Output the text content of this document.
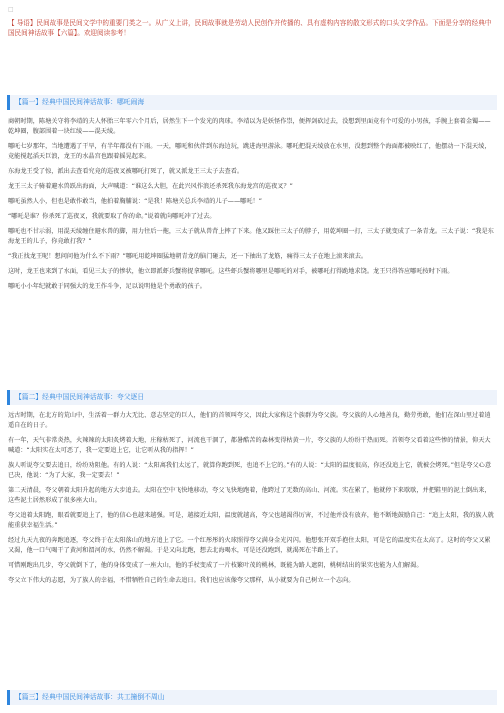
□
【 导语】民间故事是民间文学中的重要门类之一。从广义上讲，民间故事就是劳动人民创作并传播的、具有虚构内容的散文形式的口头文学作品。下面是分享的经典中国民间神话故事【六篇】。欢迎阅读参考！
【篇一】经典中国民间神话故事：哪吒闹海

商朝时期，陈塘关守将李靖的夫人怀胎三年零六个月后，居然生下一个发光的肉球。李靖以为是妖怪作祟，便挥剑砍过去，没想到里面竟有个可爱的小男孩，手腕上套着金镯——乾坤圈，腹部围着一块红绫——混天绫。

哪吒七岁那年，当地遭遇了干旱，有半年都没有下雨。一天，哪吒和伙伴到东海边玩，跳进海里游泳。哪吒把混天绫放在水里，没想到整个海面都被映红了，他摆动一下混天绫，竟能搅起滔天巨浪，龙王的水晶宫也跟着摇晃起来。

东海龙王受了惊，派出去查看究竟的巡夜叉被哪吒打死了，就又派龙王三太子去查看。

龙王三太子骑着避水兽跃出海面，大声喊道：“谁这么大胆，在此兴风作浪还杀死我东海龙宫的巡夜叉？”

哪吒虽然人小，但也是敢作敢当，他拍着胸脯说：“是我！陈塘关总兵李靖的儿子——哪吒！”

“哪吒是谁？你杀死了巡夜叉，我就要取了你的命。”说着就向哪吒冲了过去。

哪吒也不甘示弱，用混天绫缠住避水兽的脚，用力往后一拖，三太子就从兽背上摔了下来。他又踩住三太子的脖子，用乾坤圈一打，三太子就变成了一条青龙。三太子说：“我是东海龙王的儿子，你竟敢打我？”

“我正找龙王呢！想问问他为什么不下雨？”哪吒用乾坤圈猛地朝青龙的脑门砸去，还一下抽出了龙筋，痛得三太子在地上滚来滚去。

这时，龙王也来到了水面，看见三太子的惨状，他立即派虾兵蟹将捉拿哪吒。这些虾兵蟹将哪里是哪吒的对手，被哪吒打得跪地求饶。龙王只得答应哪吒按时下雨。

哪吒小小年纪就敢于同强大的龙王作斗争，足以说明他是个勇敢的孩子。

【篇二】经典中国民间神话故事：夸父逐日

远古时期，在北方的荒山中，生活着一群力大无比、意志坚定的巨人，他们的首领叫夸父，因此大家称这个族群为夸父族。夸父族的人心地善良，勤劳勇敢，他们在深山里过着逍遥自在的日子。

有一年，天气非常炎热，火辣辣的太阳炙烤着大地，庄稼枯死了，河流也干涸了，都暑酷苦的森林变得枯黄一片，夸父族的人纷纷干热而死。首领夸父看着这些惨的情景，仰天大喊道：“太阳实在太可恶了，我一定要追上它，让它听从我的指挥！”

族人听说夸父要去追日，纷纷劝阻他。有的人说：“太阳离我们太远了，就算你跑到死，也追不上它的。”有的人说：“太阳的温度很高，你还没追上它，就被会烤死。”但是夸父心意已决，他说：“为了大家，我一定要去！”

第二天清晨，夸父朝着太阳升起的地方大步追去。太阳在空中飞快地移动，夸父飞快地跑着，他跨过了无数的高山、河流。实在累了，他就停下来歇歇，并把鞋里的泥土倒出来，这些泥土居然形成了很多座大山。

夸父追着太阳跑，眼看就要追上了，他的信心也越来越强。可是，越接近太阳，温度就越高，夸父也越渴得厉害，不过他并没有放弃，他不断地鼓励自己：“追上太阳，我的族人就能重获幸福生活。”

经过九天九夜的奔跑追逐，夸父终于在太阳落山的地方追上了它。一个红彤彤的火球照得夸父满身金光闪闪。他想张开双手抱住太阳，可是它的温度实在太高了。这时的夸父又累又渴，他一口气喝干了黄河和渭河的水，仍然不解渴。于是又向北跑，想去北海喝水，可是还没跑到，就渴死在半路上了。

可惜刚跑出几步，夸父就倒下了，他的身体变成了一座大山，他的手杖变成了一片枝繁叶茂的桃林，既能为路人遮阴，桃树结出的果实也能为人们解渴。

夸父立下伟大的志愿，为了族人的幸福，不惜牺牲自己的生命去追日。我们也应该像夸父那样，从小就要为自己树立一个志向。

【篇三】经典中国民间神话故事：共工撞倒不周山
